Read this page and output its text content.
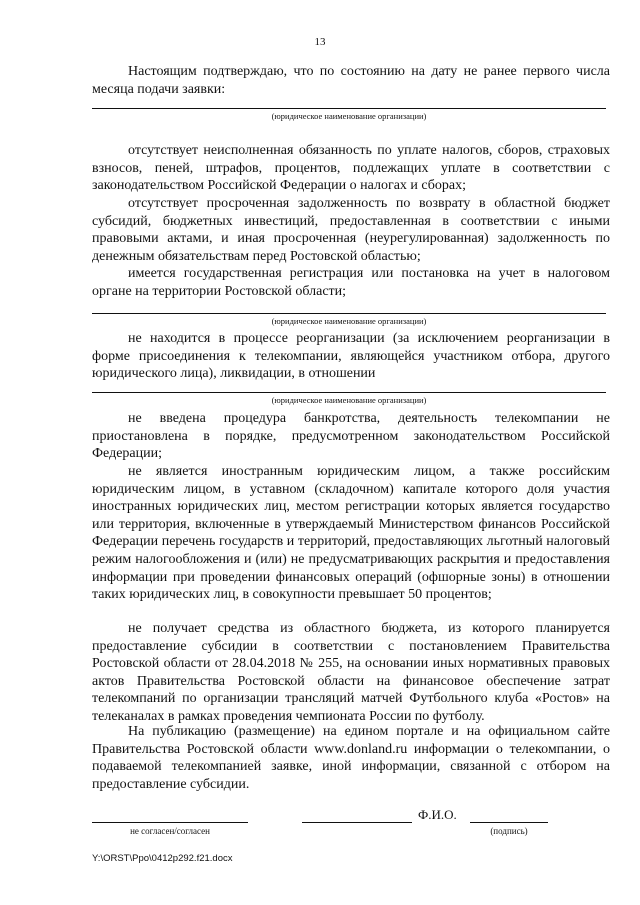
13
Настоящим подтверждаю, что по состоянию на дату не ранее первого числа месяца подачи заявки:
(юридическое наименование организации)
отсутствует неисполненная обязанность по уплате налогов, сборов, страховых взносов, пеней, штрафов, процентов, подлежащих уплате в соответствии с законодательством Российской Федерации о налогах и сборах;
отсутствует просроченная задолженность по возврату в областной бюджет субсидий, бюджетных инвестиций, предоставленная в соответствии с иными правовыми актами, и иная просроченная (неурегулированная) задолженность по денежным обязательствам перед Ростовской областью;
имеется государственная регистрация или постановка на учет в налоговом органе на территории Ростовской области;
(юридическое наименование организации)
не находится в процессе реорганизации (за исключением реорганизации в форме присоединения к телекомпании, являющейся участником отбора, другого юридического лица), ликвидации, в отношении
(юридическое наименование организации)
не введена процедура банкротства, деятельность телекомпании не приостановлена в порядке, предусмотренном законодательством Российской Федерации;
не является иностранным юридическим лицом, а также российским юридическим лицом, в уставном (складочном) капитале которого доля участия иностранных юридических лиц, местом регистрации которых является государство или территория, включенные в утверждаемый Министерством финансов Российской Федерации перечень государств и территорий, предоставляющих льготный налоговый режим налогообложения и (или) не предусматривающих раскрытия и предоставления информации при проведении финансовых операций (офшорные зоны) в отношении таких юридических лиц, в совокупности превышает 50 процентов;
не получает средства из областного бюджета, из которого планируется предоставление субсидии в соответствии с постановлением Правительства Ростовской области от 28.04.2018 № 255, на основании иных нормативных правовых актов Правительства Ростовской области на финансовое обеспечение затрат телекомпаний по организации трансляций матчей Футбольного клуба «Ростов» на телеканалах в рамках проведения чемпионата России по футболу.
На публикацию (размещение) на едином портале и на официальном сайте Правительства Ростовской области www.donland.ru информации о телекомпании, о подаваемой телекомпанией заявке, иной информации, связанной с отбором на предоставление субсидии.
не согласен/согласен
Ф.И.О.
(подпись)
Y:\ORST\Ppo\0412p292.f21.docx
